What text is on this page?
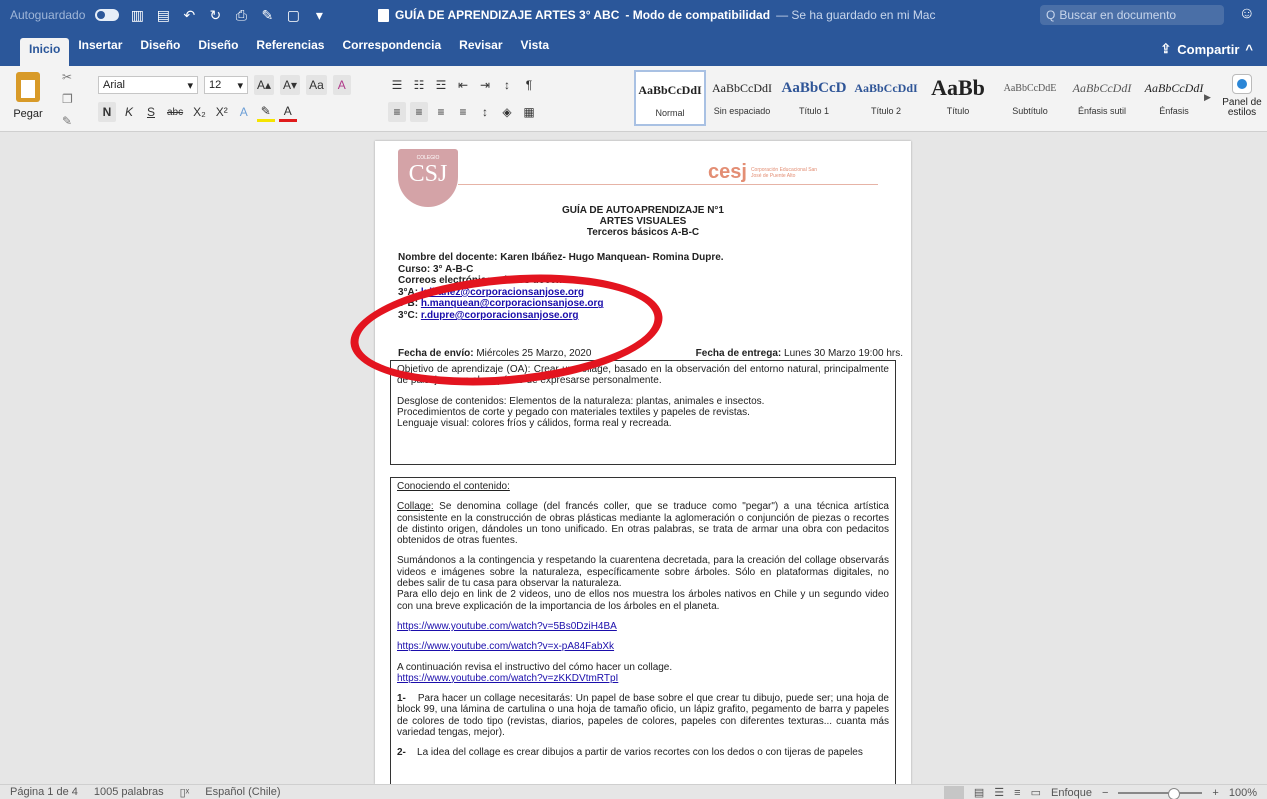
Autoguardado	▥ ▤ ↶ ↻ ⎙ ✎ ▢	▾	GUÍA DE APRENDIZAJE ARTES 3° ABC - Modo de compatibilidad — Se ha guardado en mi Mac	Q Buscar en documento	☺
Inicio	Insertar	Diseño	Diseño	Referencias	Correspondencia	Revisar	Vista	⇪ Compartir ^
Pegar
✂
❐
✎
Arial	▾ 12 ▾ A▴ A▾ Aa	A
N	K	S	abc X₂ X² A	✎	A
☰ ☷ ☲ ⇤ ⇥	↕	¶
≡	≡	≡	≡	↕	◈ ▦
AaBbCcDdI
Normal
AaBbCcDdI
Sin espaciado
AaBbCcD
Título 1
AaBbCcDdI
Título 2
AaBb
Título
AaBbCcDdE
Subtítulo
AaBbCcDdI
Énfasis sutil
AaBbCcDdI
Énfasis
▶ Panel de estilos
COLEGIO
CSJ	cesj Corporación Educacional San José de Puente Alto
GUÍA DE AUTOAPRENDIZAJE N°1
ARTES VISUALES
Terceros básicos A-B-C
Nombre del docente: Karen Ibáñez- Hugo Manquean- Romina Dupre.
Curso: 3° A-B-C
Correos electrónicos de los docentes.
3°A: k.ibanez@corporacionsanjose.org
3°B: h.manquean@corporacionsanjose.org
3°C: r.dupre@corporacionsanjose.org
Fecha de envío: Miércoles 25 Marzo, 2020	Fecha de entrega: Lunes 30 Marzo 19:00 hrs.

Objetivo de aprendizaje (OA): Crear un collage, basado en la observación del entorno natural, principalmente de paisajes, con el propósito de expresarse personalmente.

Desglose de contenidos: Elementos de la naturaleza: plantas, animales e insectos.
Procedimientos de corte y pegado con materiales textiles y papeles de revistas.
Lenguaje visual: colores fríos y cálidos, forma real y recreada.

Conociendo el contenido:

Collage: Se denomina collage (del francés coller, que se traduce como "pegar") a una técnica artística consistente en la construcción de obras plásticas mediante la aglomeración o conjunción de piezas o recortes de distinto origen, dándoles un tono unificado. En otras palabras, se trata de armar una obra con pedacitos obtenidos de otras fuentes.

Sumándonos a la contingencia y respetando la cuarentena decretada, para la creación del collage observarás videos e imágenes sobre la naturaleza, específicamente sobre árboles. Sólo en plataformas digitales, no debes salir de tu casa para observar la naturaleza.

Para ello dejo en link de 2 videos, uno de ellos nos muestra los árboles nativos en Chile y un segundo video con una breve explicación de la importancia de los árboles en el planeta.

https://www.youtube.com/watch?v=5Bs0DziH4BA

https://www.youtube.com/watch?v=x-pA84FabXk

A continuación revisa el instructivo del cómo hacer un collage.

https://www.youtube.com/watch?v=zKKDVtmRTpI

1- Para hacer un collage necesitarás: Un papel de base sobre el que crear tu dibujo, puede ser; una hoja de block 99, una lámina de cartulina o una hoja de tamaño oficio, un lápiz grafito, pegamento de barra y papeles de colores de todo tipo (revistas, diarios, papeles de colores, papeles con diferentes texturas... cuanta más variedad tengas, mejor).

2- La idea del collage es crear dibujos a partir de varios recortes con los dedos o con tijeras de papeles

Página 1 de 4 1005 palabras ▯ˣ Español (Chile)	▤ ☰ ≡ ▭ Enfoque −	+ 100%
